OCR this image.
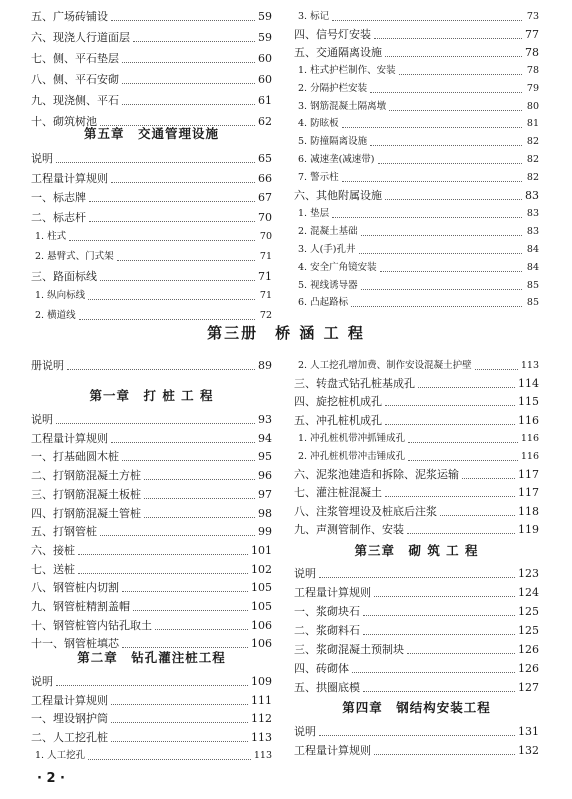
五、广场砖铺设	59
六、现浇人行道面层	59
七、侧、平石垫层	60
八、侧、平石安砌	60
九、现浇侧、平石	61
十、砌筑树池	62
第五章　交通管理设施
说明	65
工程量计算规则	66
一、标志牌	67
二、标志杆	70
1. 柱式	70
2. 悬臂式、门式架	71
三、路面标线	71
1. 纵向标线	71
2. 横道线	72
3. 标记	73
四、信号灯安装	77
五、交通隔离设施	78
1. 柱式护栏制作、安装	78
2. 分隔护栏安装	79
3. 钢筋混凝土隔离墩	80
4. 防眩板	81
5. 防撞隔离设施	82
6. 减速垄(减速带)	82
7. 警示柱	82
六、其他附属设施	83
1. 垫层	83
2. 混凝土基础	83
3. 人(手)孔井	84
4. 安全广角镜安装	84
5. 视线诱导器	85
6. 凸起路标	85
第三册　桥 涵 工 程
册说明	89
第一章　打 桩 工 程
说明	93
工程量计算规则	94
一、打基础圆木桩	95
二、打钢筋混凝土方桩	96
三、打钢筋混凝土板桩	97
四、打钢筋混凝土管桩	98
五、打钢管桩	99
六、接桩	101
七、送桩	102
八、钢管桩内切割	105
九、钢管桩精割盖帽	105
十、钢管桩管内钻孔取土	106
十一、钢管桩填芯	106
第二章　钻孔灌注桩工程
说明	109
工程量计算规则	111
一、埋设钢护筒	112
二、人工挖孔桩	113
1. 人工挖孔	113
2. 人工挖孔增加费、制作安设混凝土护壁	113
三、转盘式钻孔桩基成孔	114
四、旋挖桩机成孔	115
五、冲孔桩机成孔	116
1. 冲孔桩机带冲抓锤成孔	116
2. 冲孔桩机带冲击锤成孔	116
六、泥浆池建造和拆除、泥浆运输	117
七、灌注桩混凝土	117
八、注浆管埋设及桩底后注浆	118
九、声测管制作、安装	119
第三章　砌 筑 工 程
说明	123
工程量计算规则	124
一、浆砌块石	125
二、浆砌料石	125
三、浆砌混凝土预制块	126
四、砖砌体	126
五、拱圈底模	127
第四章　钢结构安装工程
说明	131
工程量计算规则	132
· 2 ·
